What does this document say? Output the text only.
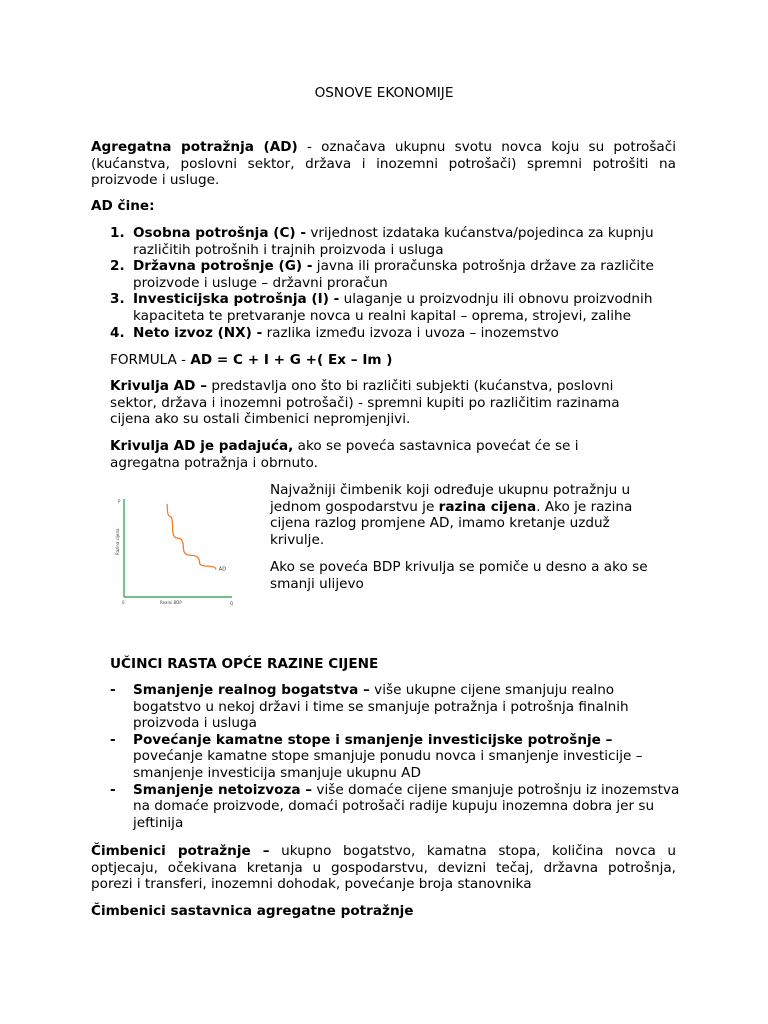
OSNOVE EKONOMIJE

Agregatna potražnja (AD) - označava ukupnu svotu novca koju su potrošači (kućanstva, poslovni sektor, država i inozemni potrošači) spremni potrošiti na proizvode i usluge.

AD čine:

1. Osobna potrošnja (C) - vrijednost izdataka kućanstva/pojedinca za kupnju različitih potrošnih i trajnih proizvoda i usluga
2. Državna potrošnje (G) - javna ili proračunska potrošnja države za različite proizvode i usluge – državni proračun
3. Investicijska potrošnja (I) - ulaganje u proizvodnju ili obnovu proizvodnih kapaciteta te pretvaranje novca u realni kapital – oprema, strojevi, zalihe
4. Neto izvoz (NX) - razlika između izvoza i uvoza – inozemstvo

FORMULA - AD = C + I + G +( Ex – Im )

Krivulja AD – predstavlja ono što bi različiti subjekti (kućanstva, poslovni sektor, država i inozemni potrošači) - spremni kupiti po različitim razinama cijena ako su ostali čimbenici nepromjenjivi.

Krivulja AD je padajuća, ako se poveća sastavnica povećat će se i agregatna potražnja i obrnuto.

P
Q
0
Razina cijena
Realni BDP
AD

Najvažniji čimbenik koji određuje ukupnu potražnju u jednom gospodarstvu je razina cijena. Ako je razina cijena razlog promjene AD, imamo kretanje uzduž krivulje.

Ako se poveća BDP krivulja se pomiče u desno a ako se smanji ulijevo

UČINCI RASTA OPĆE RAZINE CIJENE

- Smanjenje realnog bogatstva – više ukupne cijene smanjuju realno bogatstvo u nekoj državi i time se smanjuje potražnja i potrošnja finalnih proizvoda i usluga
- Povećanje kamatne stope i smanjenje investicijske potrošnje – povećanje kamatne stope smanjuje ponudu novca i smanjenje investicije – smanjenje investicija smanjuje ukupnu AD
- Smanjenje netoizvoza – više domaće cijene smanjuje potrošnju iz inozemstva na domaće proizvode, domaći potrošači radije kupuju inozemna dobra jer su jeftinija

Čimbenici potražnje – ukupno bogatstvo, kamatna stopa, količina novca u optjecaju, očekivana kretanja u gospodarstvu, devizni tečaj, državna potrošnja, porezi i transferi, inozemni dohodak, povećanje broja stanovnika

Čimbenici sastavnica agregatne potražnje
